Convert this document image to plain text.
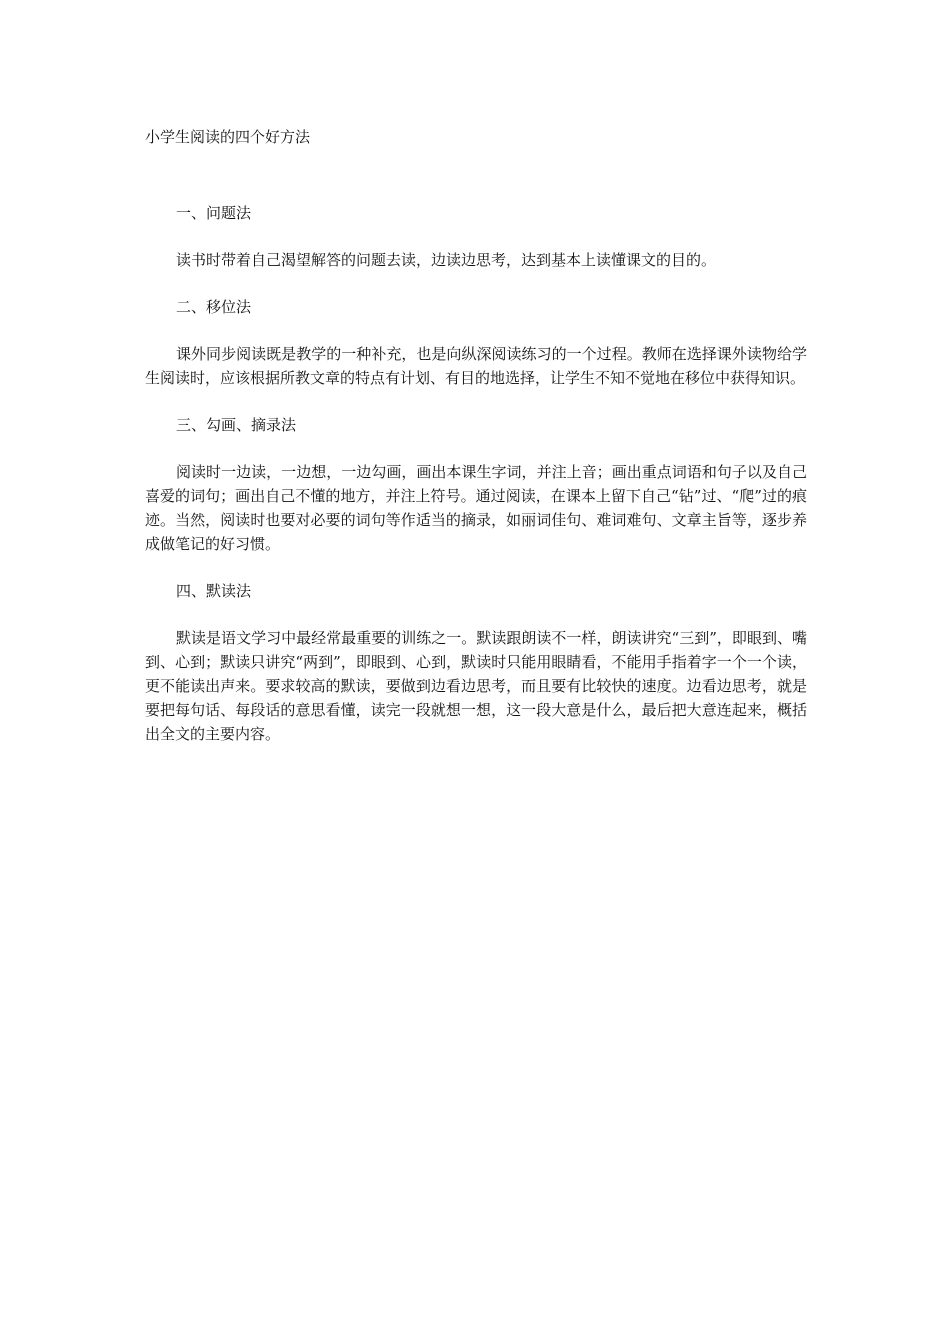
小学生阅读的四个好方法

一、问题法

读书时带着自己渴望解答的问题去读，边读边思考，达到基本上读懂课文的目的。

二、移位法

课外同步阅读既是教学的一种补充，也是向纵深阅读练习的一个过程。教师在选择课外读物给学生阅读时，应该根据所教文章的特点有计划、有目的地选择，让学生不知不觉地在移位中获得知识。

三、勾画、摘录法

阅读时一边读，一边想，一边勾画，画出本课生字词，并注上音；画出重点词语和句子以及自己喜爱的词句；画出自己不懂的地方，并注上符号。通过阅读，在课本上留下自己“钻”过、“爬”过的痕迹。当然，阅读时也要对必要的词句等作适当的摘录，如丽词佳句、难词难句、文章主旨等，逐步养成做笔记的好习惯。

四、默读法

默读是语文学习中最经常最重要的训练之一。默读跟朗读不一样，朗读讲究“三到”，即眼到、嘴到、心到；默读只讲究“两到”，即眼到、心到，默读时只能用眼睛看，不能用手指着字一个一个读，更不能读出声来。要求较高的默读，要做到边看边思考，而且要有比较快的速度。边看边思考，就是要把每句话、每段话的意思看懂，读完一段就想一想，这一段大意是什么，最后把大意连起来，概括出全文的主要内容。
